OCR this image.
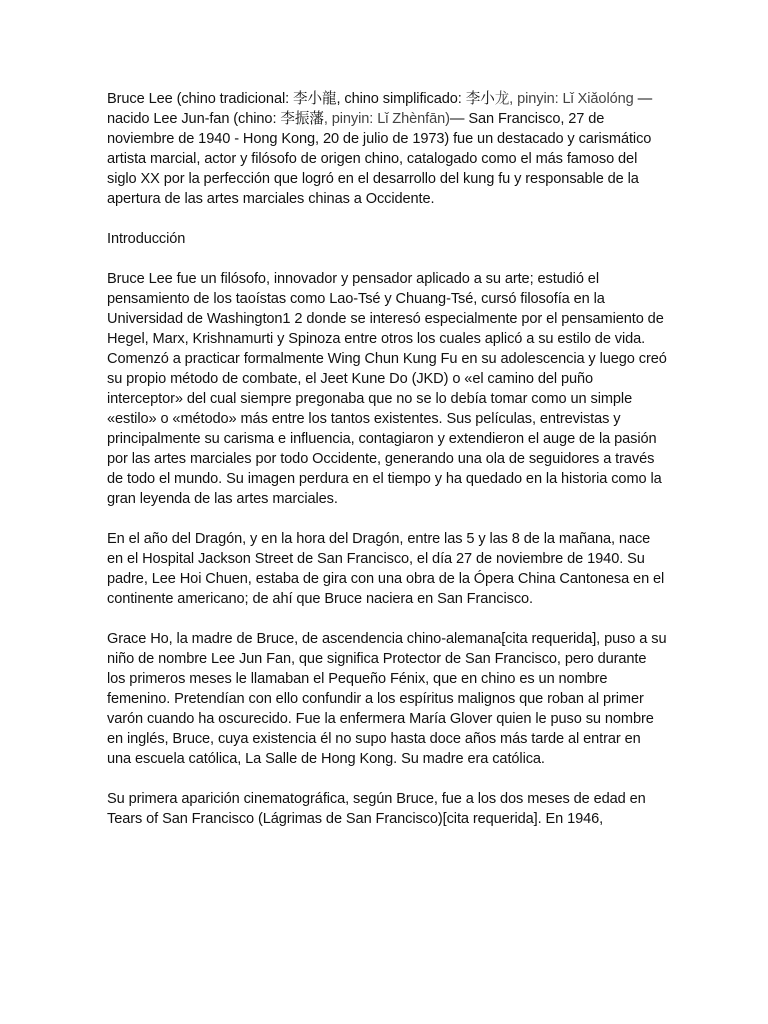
Bruce Lee (chino tradicional: 李小龍, chino simplificado: 李小龙, pinyin: Lǐ Xiǎolóng —nacido Lee Jun-fan (chino: 李振藩, pinyin: Lǐ Zhènfān)— San Francisco, 27 de noviembre de 1940 - Hong Kong, 20 de julio de 1973) fue un destacado y carismático artista marcial, actor y filósofo de origen chino, catalogado como el más famoso del siglo XX por la perfección que logró en el desarrollo del kung fu y responsable de la apertura de las artes marciales chinas a Occidente.

Introducción

Bruce Lee fue un filósofo, innovador y pensador aplicado a su arte; estudió el pensamiento de los taoístas como Lao-Tsé y Chuang-Tsé, cursó filosofía en la Universidad de Washington1 2 donde se interesó especialmente por el pensamiento de Hegel, Marx, Krishnamurti y Spinoza entre otros los cuales aplicó a su estilo de vida. Comenzó a practicar formalmente Wing Chun Kung Fu en su adolescencia y luego creó su propio método de combate, el Jeet Kune Do (JKD) o «el camino del puño interceptor» del cual siempre pregonaba que no se lo debía tomar como un simple «estilo» o «método» más entre los tantos existentes. Sus películas, entrevistas y principalmente su carisma e influencia, contagiaron y extendieron el auge de la pasión por las artes marciales por todo Occidente, generando una ola de seguidores a través de todo el mundo. Su imagen perdura en el tiempo y ha quedado en la historia como la gran leyenda de las artes marciales.

En el año del Dragón, y en la hora del Dragón, entre las 5 y las 8 de la mañana, nace en el Hospital Jackson Street de San Francisco, el día 27 de noviembre de 1940. Su padre, Lee Hoi Chuen, estaba de gira con una obra de la Ópera China Cantonesa en el continente americano; de ahí que Bruce naciera en San Francisco.

Grace Ho, la madre de Bruce, de ascendencia chino-alemana[cita requerida], puso a su niño de nombre Lee Jun Fan, que significa Protector de San Francisco, pero durante los primeros meses le llamaban el Pequeño Fénix, que en chino es un nombre femenino. Pretendían con ello confundir a los espíritus malignos que roban al primer varón cuando ha oscurecido. Fue la enfermera María Glover quien le puso su nombre en inglés, Bruce, cuya existencia él no supo hasta doce años más tarde al entrar en una escuela católica, La Salle de Hong Kong. Su madre era católica.

Su primera aparición cinematográfica, según Bruce, fue a los dos meses de edad en Tears of San Francisco (Lágrimas de San Francisco)[cita requerida]. En 1946,
